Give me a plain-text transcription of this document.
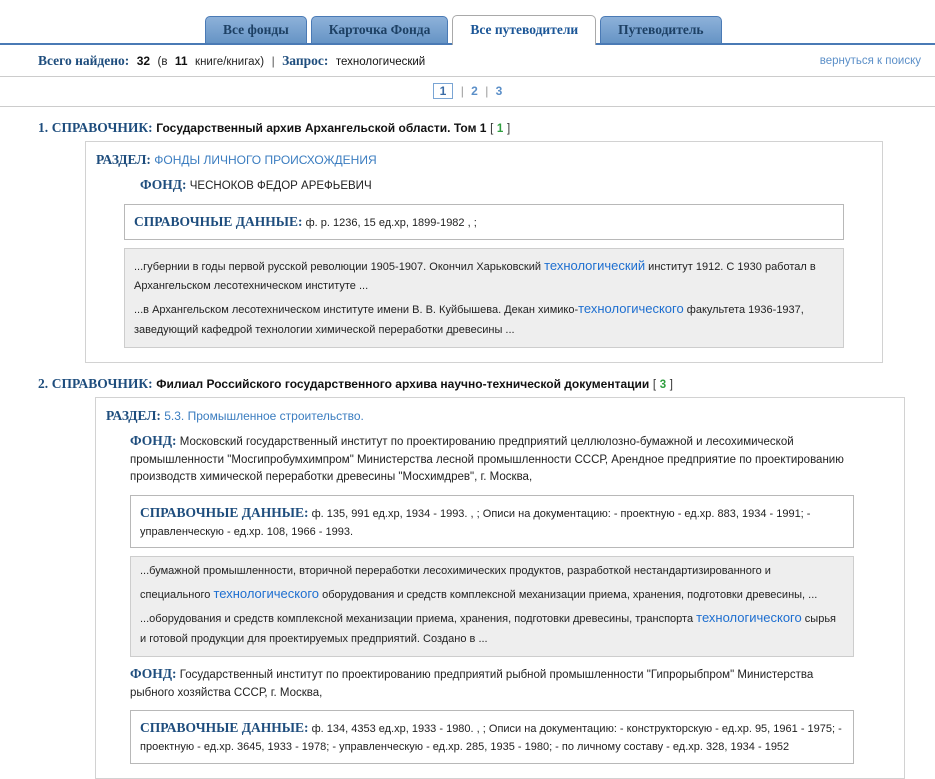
Все фонды	Карточка Фонда	Все путеводители	Путеводитель
Всего найдено: 32 (в 11 книге/книгах) | Запрос: технологический	вернуться к поиску
1 | 2 | 3
1. СПРАВОЧНИК: Государственный архив Архангельской области. Том 1 [ 1 ]
РАЗДЕЛ: ФОНДЫ ЛИЧНОГО ПРОИСХОЖДЕНИЯ
ФОНД: ЧЕСНОКОВ ФЕДОР АРЕФЬЕВИЧ
СПРАВОЧНЫЕ ДАННЫЕ: ф. р. 1236, 15 ед.хр, 1899-1982 , ;
...губернии в годы первой русской революции 1905-1907. Окончил Харьковский технологический институт 1912. С 1930 работал в Архангельском лесотехническом институте ...
...в Архангельском лесотехническом институте имени В. В. Куйбышева. Декан химико-технологического факультета 1936-1937, заведующий кафедрой технологии химической переработки древесины ...
2. СПРАВОЧНИК: Филиал Российского государственного архива научно-технической документации [ 3 ]
РАЗДЕЛ: 5.3. Промышленное строительство.
ФОНД: Московский государственный институт по проектированию предприятий целлюлозно-бумажной и лесохимической промышленности "Мосгипробумхимпром" Министерства лесной промышленности СССР, Арендное предприятие по проектированию производств химической переработки древесины "Мосхимдрев", г. Москва,
СПРАВОЧНЫЕ ДАННЫЕ: ф. 135, 991 ед.хр, 1934 - 1993. , ; Описи на документацию: - проектную - ед.хр. 883, 1934 - 1991; - управленческую - ед.хр. 108, 1966 - 1993.
...бумажной промышленности, вторичной переработки лесохимических продуктов, разработкой нестандартизированного и специального технологического оборудования и средств комплексной механизации приема, хранения, подготовки древесины, ...
...оборудования и средств комплексной механизации приема, хранения, подготовки древесины, транспорта технологического сырья и готовой продукции для проектируемых предприятий. Создано в ...
ФОНД: Государственный институт по проектированию предприятий рыбной промышленности "Гипрорыбпром" Министерства рыбного хозяйства СССР, г. Москва,
СПРАВОЧНЫЕ ДАННЫЕ: ф. 134, 4353 ед.хр, 1933 - 1980. , ; Описи на документацию: - конструкторскую - ед.хр. 95, 1961 - 1975; - проектную - ед.хр. 3645, 1933 - 1978; - управленческую - ед.хр. 285, 1935 - 1980; - по личному составу - ед.хр. 328, 1934 - 1952
